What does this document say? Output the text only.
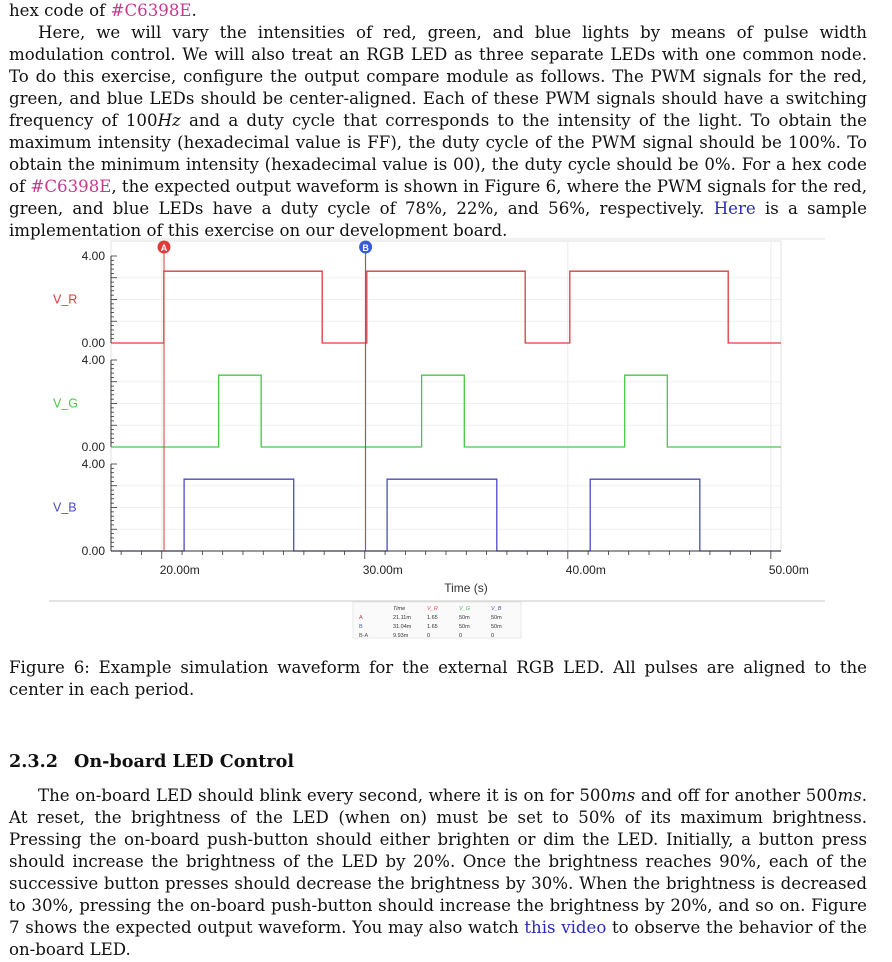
hex code of #C6398E.
Here, we will vary the intensities of red, green, and blue lights by means of pulse width modulation control. We will also treat an RGB LED as three separate LEDs with one common node. To do this exercise, configure the output compare module as follows. The PWM signals for the red, green, and blue LEDs should be center-aligned. Each of these PWM signals should have a switching frequency of 100Hz and a duty cycle that corresponds to the intensity of the light. To obtain the maximum intensity (hexadecimal value is FF), the duty cycle of the PWM signal should be 100%. To obtain the minimum intensity (hexadecimal value is 00), the duty cycle should be 0%. For a hex code of #C6398E, the expected output waveform is shown in Figure 6, where the PWM signals for the red, green, and blue LEDs have a duty cycle of 78%, 22%, and 56%, respectively. Here is a sample implementation of this exercise on our development board.
Time (s)
4.00
0.00
V_R
4.00
0.00
V_G
4.00
0.00
V_B
20.00m	30.00m	40.00m	50.00m
A	B
Time	V_R	V_G	V_B
A	21.11m	1.65	50m	50m
B	31.04m	1.65	50m	50m
B-A	9.93m	0	0	0
Figure 6: Example simulation waveform for the external RGB LED. All pulses are aligned to the center in each period.
2.3.2 On-board LED Control
The on-board LED should blink every second, where it is on for 500ms and off for another 500ms. At reset, the brightness of the LED (when on) must be set to 50% of its maximum brightness. Pressing the on-board push-button should either brighten or dim the LED. Initially, a button press should increase the brightness of the LED by 20%. Once the brightness reaches 90%, each of the successive button presses should decrease the brightness by 30%. When the brightness is decreased to 30%, pressing the on-board push-button should increase the brightness by 20%, and so on. Figure 7 shows the expected output waveform. You may also watch this video to observe the behavior of the on-board LED.
